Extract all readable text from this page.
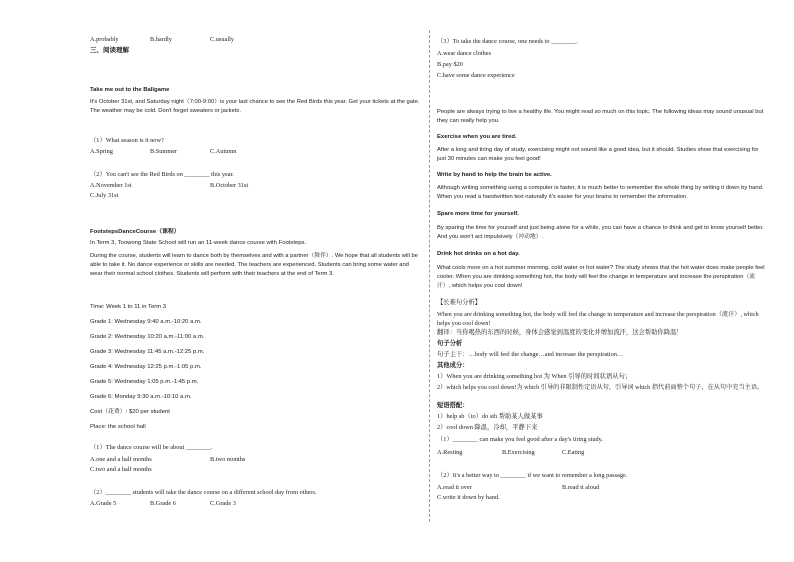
A.probably	B.hardly	C.usually
三、阅读理解
Take me out to the Ballgame
It's October 31st, and Saturday night（7:00-9:00）is your last chance to see the Red Birds this year. Get your tickets at the gate. The weather may be cold. Don't forget sweaters or jackets.
（1）What season is it now?
A.Spring	B.Summer	C.Autumn
（2）You can't see the Red Birds on ________ this year.
A.November 1st	B.October 31st
C.July 31st
FootstepsDanceCourse（课程）
In Term 3, Toowong State School will run an 11-week dance course with Footsteps.
During the course, students will learn to dance both by themselves and with a partner（舞伴）. We hope that all students will be able to take it. No dance experience or skills are needed. The teachers are experienced. Students can bring some water and wear their normal school clothes. Students will perform with their teachers at the end of Term 3.
Time: Week 1 to 11 in Term 3
Grade 1: Wednesday 9:40 a.m.-10:20 a.m.
Grade 2: Wednesday 10:20 a.m.-11:00 a.m.
Grade 3: Wednesday 11:45 a.m.-12:25 p.m.
Grade 4: Wednesday 12:25 p.m.-1:05 p.m.
Grade 5: Wednesday 1:05 p.m.-1:45 p.m.
Grade 6: Monday 9:30 a.m.-10:10 a.m.
Cost（花费）: $20 per student
Place: the school hall
（1）The dance course will be about ________.
A.one and a half months	B.two months
C.two and a half months
（2）________ students will take the dance course on a different school day from others.
A.Grade 5	B.Grade 6	C.Grade 3
（3）To take the dance course, one needs to ________.
A.wear dance clothes
B.pay $20
C.have some dance experience
People are always trying to live a healthy life. You might read so much on this topic. The following ideas may sound unusual but they can really help you.
Exercise when you are tired.
After a long and tiring day of study, exercising might not sound like a good idea, but it should. Studies show that exercising for just 30 minutes can make you feel good!
Write by hand to help the brain be active.
Although writing something using a computer is faster, it is much better to remember the whole thing by writing it down by hand. When you read a handwritten text naturally it's easier for your brains to remember the information.
Spare more time for yourself.
By sparing the time for yourself and just being alone for a while, you can have a chance to think and get to know yourself better. And you won't act impulsively（冲动地）.
Drink hot drinks on a hot day.
What cools more on a hot summer morning, cold water or hot water? The study shows that the hot water does make people feel cooler. When you are drinking something hot, the body will feel the change in temperature and increase the perspiration（流汗）, which helps you cool down!
【长难句分析】
When you are drinking something hot, the body will feel the change in temperature and increase the perspiration（流汗）, which helps you cool down!
翻译：当你喝热的东西的时候，身体会感觉到温度的变化并增加流汗，这会帮助你降温！
句子分析
句子主干：…body will feel the change…and increase the perspiration…
其他成分：
1）When you are drinking something hot 为 When 引导的时间状语从句；
2）which helps you cool down!为 which 引导的非限制性定语从句，引导词 which 指代前面整个句子，在从句中充当主语。
短语搭配：
1）help sb（to）do sth 帮助某人做某事
2）cool down 降温，冷却，平静下来
（1）________ can make you feel good after a day's tiring study.
A.Resting	B.Exercising	C.Eating
（2）It's a better way to ________ if we want to remember a long passage.
A.read it over	B.read it aloud
C.write it down by hand.
